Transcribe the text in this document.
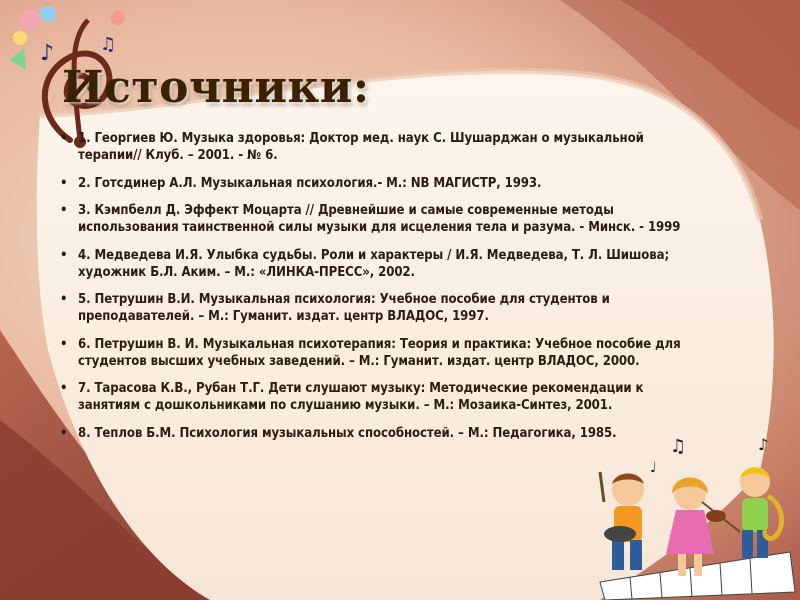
♪	♫
Источники:
• 1. Георгиев Ю. Музыка здоровья: Доктор мед. наук С. Шушарджан о музыкальной терапии// Клуб. – 2001. - № 6.
• 2. Готсдинер А.Л. Музыкальная психология.- М.: NB МАГИСТР, 1993.
• 3. Кэмпбелл Д. Эффект Моцарта // Древнейшие и самые современные методы использования таинственной силы музыки для исцеления тела и разума. - Минск. - 1999
• 4. Медведева И.Я. Улыбка судьбы. Роли и характеры / И.Я. Медведева, Т. Л. Шишова; художник Б.Л. Аким. – М.: «ЛИНКА-ПРЕСС», 2002.
• 5. Петрушин В.И. Музыкальная психология: Учебное пособие для студентов и преподавателей. – М.: Гуманит. издат. центр ВЛАДОС, 1997.
• 6. Петрушин В. И. Музыкальная психотерапия: Теория и практика: Учебное пособие для студентов высших учебных заведений. – М.: Гуманит. издат. центр ВЛАДОС, 2000.
• 7. Тарасова К.В., Рубан Т.Г. Дети слушают музыку: Методические рекомендации к занятиям с дошкольниками по слушанию музыки. – М.: Мозаика-Синтез, 2001.
• 8. Теплов Б.М. Психология музыкальных способностей. – М.: Педагогика, 1985.
♫	♪
♩
